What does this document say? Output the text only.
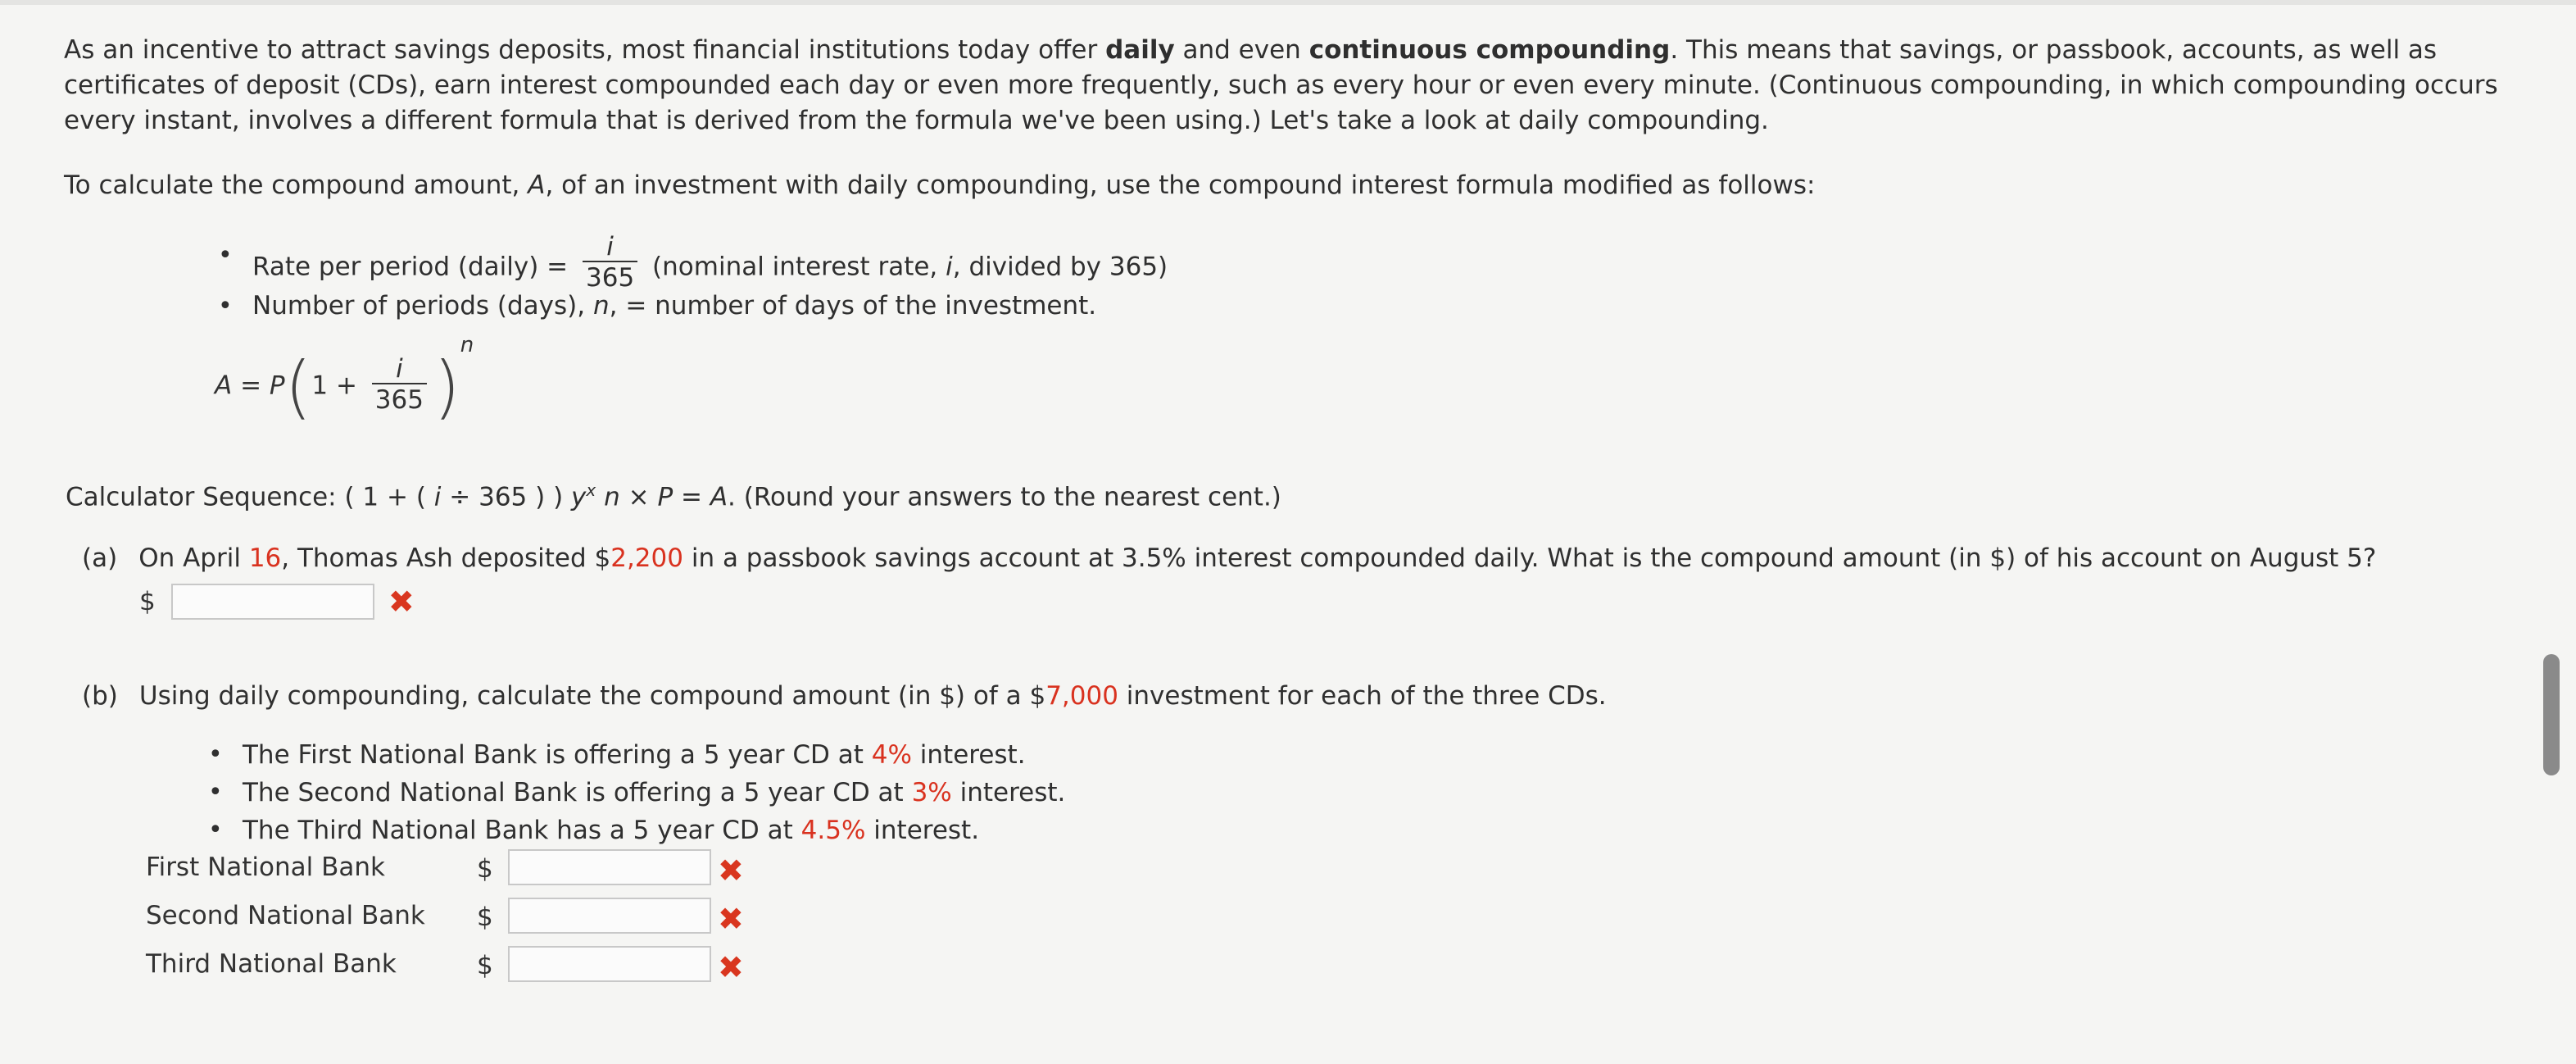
As an incentive to attract savings deposits, most financial institutions today offer daily and even continuous compounding. This means that savings, or passbook, accounts, as well as certificates of deposit (CDs), earn interest compounded each day or even more frequently, such as every hour or even every minute. (Continuous compounding, in which compounding occurs every instant, involves a different formula that is derived from the formula we've been using.) Let's take a look at daily compounding.
To calculate the compound amount, A, of an investment with daily compounding, use the compound interest formula modified as follows:
• Rate per period (daily) = $\frac{i}{365}$ (nominal interest rate, i, divided by 365)
• Number of periods (days), n, = number of days of the investment.
$A = P(1 + \frac{i}{365} )^n$
Calculator Sequence: ( 1 + ( i ÷ 365 ) ) $y^x$ n × P = A. (Round your answers to the nearest cent.)
(a) On April 16, Thomas Ash deposited $2,200 in a passbook savings account at 3.5% interest compounded daily. What is the compound amount (in $) of his account on August 5?
$	✖
(b) Using daily compounding, calculate the compound amount (in $) of a $7,000 investment for each of the three CDs.
• The First National Bank is offering a 5 year CD at 4% interest.
• The Second National Bank is offering a 5 year CD at 3% interest.
• The Third National Bank has a 5 year CD at 4.5% interest.
First National Bank	$	✖
Second National Bank	$	✖
Third National Bank	$	✖
